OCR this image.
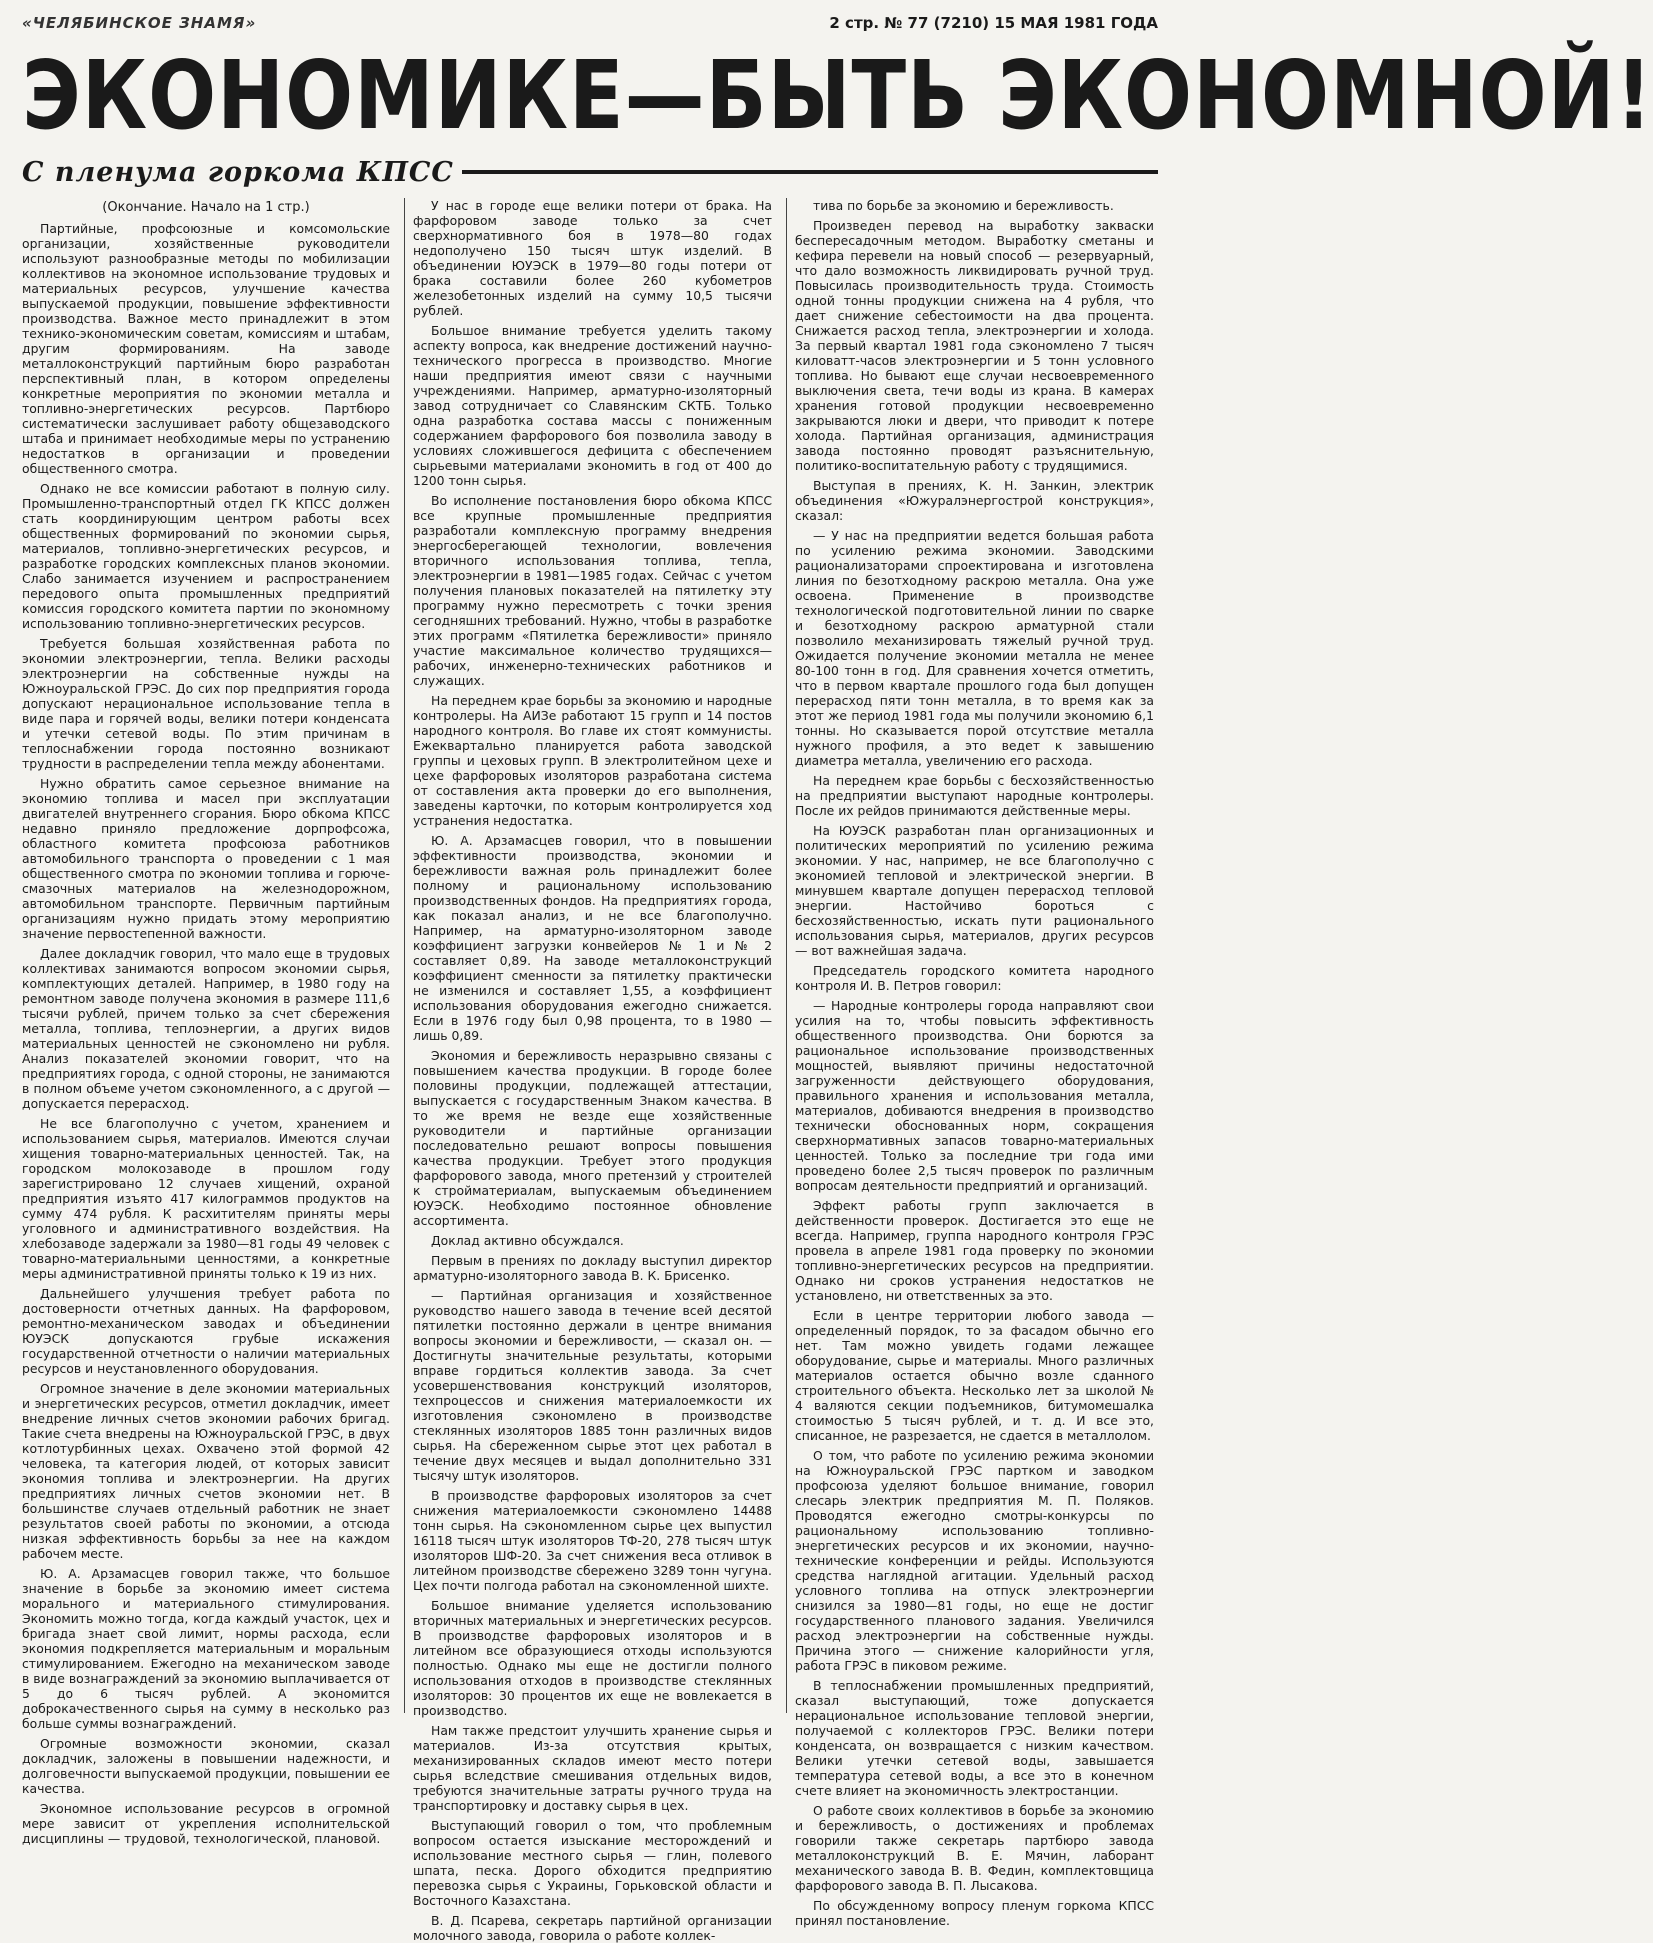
«ЧЕЛЯБИНСКОЕ ЗНАМЯ»	2 стр. № 77 (7210) 15 МАЯ 1981 ГОДА
ЭКОНОМИКЕ—БЫТЬ ЭКОНОМНОЙ!
С пленума горкома КПСС
(Окончание. Начало на 1 стр.)

Партийные, профсоюзные и комсомольские организации, хозяйственные руководители используют разнообразные методы по мобилизации коллективов на экономное использование трудовых и материальных ресурсов, улучшение качества выпускаемой продукции, повышение эффективности производства. Важное место принадлежит в этом технико-экономическим советам, комиссиям и штабам, другим формированиям. На заводе металлоконструкций партийным бюро разработан перспективный план, в котором определены конкретные мероприятия по экономии металла и топливно-энергетических ресурсов. Партбюро систематически заслушивает работу общезаводского штаба и принимает необходимые меры по устранению недостатков в организации и проведении общественного смотра.

Однако не все комиссии работают в полную силу. Промышленно-транспортный отдел ГК КПСС должен стать координирующим центром работы всех общественных формирований по экономии сырья, материалов, топливно-энергетических ресурсов, и разработке городских комплексных планов экономии. Слабо занимается изучением и распространением передового опыта промышленных предприятий комиссия городского комитета партии по экономному использованию топливно-энергетических ресурсов.

Требуется большая хозяйственная работа по экономии электроэнергии, тепла. Велики расходы электроэнергии на собственные нужды на Южноуральской ГРЭС. До сих пор предприятия города допускают нерациональное использование тепла в виде пара и горячей воды, велики потери конденсата и утечки сетевой воды. По этим причинам в теплоснабжении города постоянно возникают трудности в распределении тепла между абонентами.

Нужно обратить самое серьезное внимание на экономию топлива и масел при эксплуатации двигателей внутреннего сгорания. Бюро обкома КПСС недавно приняло предложение дорпрофсожа, областного комитета профсоюза работников автомобильного транспорта о проведении с 1 мая общественного смотра по экономии топлива и горюче-смазочных материалов на железнодорожном, автомобильном транспорте. Первичным партийным организациям нужно придать этому мероприятию значение первостепенной важности.

Далее докладчик говорил, что мало еще в трудовых коллективах занимаются вопросом экономии сырья, комплектующих деталей. Например, в 1980 году на ремонтном заводе получена экономия в размере 111,6 тысячи рублей, причем только за счет сбережения металла, топлива, теплоэнергии, а других видов материальных ценностей не сэкономлено ни рубля. Анализ показателей экономии говорит, что на предприятиях города, с одной стороны, не занимаются в полном объеме учетом сэкономленного, а с другой — допускается перерасход.

Не все благополучно с учетом, хранением и использованием сырья, материалов. Имеются случаи хищения товарно-материальных ценностей. Так, на городском молокозаводе в прошлом году зарегистрировано 12 случаев хищений, охраной предприятия изъято 417 килограммов продуктов на сумму 474 рубля. К расхитителям приняты меры уголовного и административного воздействия. На хлебозаводе задержали за 1980—81 годы 49 человек с товарно-материальными ценностями, а конкретные меры административной приняты только к 19 из них.

Дальнейшего улучшения требует работа по достоверности отчетных данных. На фарфоровом, ремонтно-механическом заводах и объединении ЮУЭСК допускаются грубые искажения государственной отчетности о наличии материальных ресурсов и неустановленного оборудования.

Огромное значение в деле экономии материальных и энергетических ресурсов, отметил докладчик, имеет внедрение личных счетов экономии рабочих бригад. Такие счета внедрены на Южноуральской ГРЭС, в двух котлотурбинных цехах. Охвачено этой формой 42 человека, та категория людей, от которых зависит экономия топлива и электроэнергии. На других предприятиях личных счетов экономии нет. В большинстве случаев отдельный работник не знает результатов своей работы по экономии, а отсюда низкая эффективность борьбы за нее на каждом рабочем месте.

Ю. А. Арзамасцев говорил также, что большое значение в борьбе за экономию имеет система морального и материального стимулирования. Экономить можно тогда, когда каждый участок, цех и бригада знает свой лимит, нормы расхода, если экономия подкрепляется материальным и моральным стимулированием. Ежегодно на механическом заводе в виде вознаграждений за экономию выплачивается от 5 до 6 тысяч рублей. А экономится доброкачественного сырья на сумму в несколько раз больше суммы вознаграждений.

Огромные возможности экономии, сказал докладчик, заложены в повышении надежности, и долговечности выпускаемой продукции, повышении ее качества.

Экономное использование ресурсов в огромной мере зависит от укрепления исполнительской дисциплины — трудовой, технологической, плановой.

У нас в городе еще велики потери от брака. На фарфоровом заводе только за счет сверхнормативного боя в 1978—80 годах недополучено 150 тысяч штук изделий. В объединении ЮУЭСК в 1979—80 годы потери от брака составили более 260 кубометров железобетонных изделий на сумму 10,5 тысячи рублей.

Большое внимание требуется уделить такому аспекту вопроса, как внедрение достижений научно-технического прогресса в производство. Многие наши предприятия имеют связи с научными учреждениями. Например, арматурно-изоляторный завод сотрудничает со Славянским СКТБ. Только одна разработка состава массы с пониженным содержанием фарфорового боя позволила заводу в условиях сложившегося дефицита с обеспечением сырьевыми материалами экономить в год от 400 до 1200 тонн сырья.

Во исполнение постановления бюро обкома КПСС все крупные промышленные предприятия разработали комплексную программу внедрения энергосберегающей технологии, вовлечения вторичного использования топлива, тепла, электроэнергии в 1981—1985 годах. Сейчас с учетом получения плановых показателей на пятилетку эту программу нужно пересмотреть с точки зрения сегодняшних требований. Нужно, чтобы в разработке этих программ «Пятилетка бережливости» приняло участие максимальное количество трудящихся—рабочих, инженерно-технических работников и служащих.

На переднем крае борьбы за экономию и народные контролеры. На АИЗе работают 15 групп и 14 постов народного контроля. Во главе их стоят коммунисты. Ежеквартально планируется работа заводской группы и цеховых групп. В электролитейном цехе и цехе фарфоровых изоляторов разработана система от составления акта проверки до его выполнения, заведены карточки, по которым контролируется ход устранения недостатка.

Ю. А. Арзамасцев говорил, что в повышении эффективности производства, экономии и бережливости важная роль принадлежит более полному и рациональному использованию производственных фондов. На предприятиях города, как показал анализ, и не все благополучно. Например, на арматурно-изоляторном заводе коэффициент загрузки конвейеров № 1 и № 2 составляет 0,89. На заводе металлоконструкций коэффициент сменности за пятилетку практически не изменился и составляет 1,55, а коэффициент использования оборудования ежегодно снижается. Если в 1976 году был 0,98 процента, то в 1980 — лишь 0,89.

Экономия и бережливость неразрывно связаны с повышением качества продукции. В городе более половины продукции, подлежащей аттестации, выпускается с государственным Знаком качества. В то же время не везде еще хозяйственные руководители и партийные организации последовательно решают вопросы повышения качества продукции. Требует этого продукция фарфорового завода, много претензий у строителей к стройматериалам, выпускаемым объединением ЮУЭСК. Необходимо постоянное обновление ассортимента.

Доклад активно обсуждался.

Первым в прениях по докладу выступил директор арматурно-изоляторного завода В. К. Брисенко.

— Партийная организация и хозяйственное руководство нашего завода в течение всей десятой пятилетки постоянно держали в центре внимания вопросы экономии и бережливости, — сказал он. — Достигнуты значительные результаты, которыми вправе гордиться коллектив завода. За счет усовершенствования конструкций изоляторов, техпроцессов и снижения материалоемкости их изготовления сэкономлено в производстве стеклянных изоляторов 1885 тонн различных видов сырья. На сбереженном сырье этот цех работал в течение двух месяцев и выдал дополнительно 331 тысячу штук изоляторов.

В производстве фарфоровых изоляторов за счет снижения материалоемкости сэкономлено 14488 тонн сырья. На сэкономленном сырье цех выпустил 16118 тысяч штук изоляторов ТФ-20, 278 тысяч штук изоляторов ШФ-20. За счет снижения веса отливок в литейном производстве сбережено 3289 тонн чугуна. Цех почти полгода работал на сэкономленной шихте.

Большое внимание уделяется использованию вторичных материальных и энергетических ресурсов. В производстве фарфоровых изоляторов и в литейном все образующиеся отходы используются полностью. Однако мы еще не достигли полного использования отходов в производстве стеклянных изоляторов: 30 процентов их еще не вовлекается в производство.

Нам также предстоит улучшить хранение сырья и материалов. Из-за отсутствия крытых, механизированных складов имеют место потери сырья вследствие смешивания отдельных видов, требуются значительные затраты ручного труда на транспортировку и доставку сырья в цех.

Выступающий говорил о том, что проблемным вопросом остается изыскание месторождений и использование местного сырья — глин, полевого шпата, песка. Дорого обходится предприятию перевозка сырья с Украины, Горьковской области и Восточного Казахстана.

В. Д. Псарева, секретарь партийной организации молочного завода, говорила о работе коллек-

тива по борьбе за экономию и бережливость.

Произведен перевод на выработку закваски беспересадочным методом. Выработку сметаны и кефира перевели на новый способ — резервуарный, что дало возможность ликвидировать ручной труд. Повысилась производительность труда. Стоимость одной тонны продукции снижена на 4 рубля, что дает снижение себестоимости на два процента. Снижается расход тепла, электроэнергии и холода. За первый квартал 1981 года сэкономлено 7 тысяч киловатт-часов электроэнергии и 5 тонн условного топлива. Но бывают еще случаи несвоевременного выключения света, течи воды из крана. В камерах хранения готовой продукции несвоевременно закрываются люки и двери, что приводит к потере холода. Партийная организация, администрация завода постоянно проводят разъяснительную, политико-воспитательную работу с трудящимися.

Выступая в прениях, К. Н. Занкин, электрик объединения «Южуралэнергострой конструкция», сказал:

— У нас на предприятии ведется большая работа по усилению режима экономии. Заводскими рационализаторами спроектирована и изготовлена линия по безотходному раскрою металла. Она уже освоена. Применение в производстве технологической подготовительной линии по сварке и безотходному раскрою арматурной стали позволило механизировать тяжелый ручной труд. Ожидается получение экономии металла не менее 80-100 тонн в год. Для сравнения хочется отметить, что в первом квартале прошлого года был допущен перерасход пяти тонн металла, в то время как за этот же период 1981 года мы получили экономию 6,1 тонны. Но сказывается порой отсутствие металла нужного профиля, а это ведет к завышению диаметра металла, увеличению его расхода.

На переднем крае борьбы с бесхозяйственностью на предприятии выступают народные контролеры. После их рейдов принимаются действенные меры.

На ЮУЭСК разработан план организационных и политических мероприятий по усилению режима экономии. У нас, например, не все благополучно с экономией тепловой и электрической энергии. В минувшем квартале допущен перерасход тепловой энергии. Настойчиво бороться с бесхозяйственностью, искать пути рационального использования сырья, материалов, других ресурсов — вот важнейшая задача.

Председатель городского комитета народного контроля И. В. Петров говорил:

— Народные контролеры города направляют свои усилия на то, чтобы повысить эффективность общественного производства. Они борются за рациональное использование производственных мощностей, выявляют причины недостаточной загруженности действующего оборудования, правильного хранения и использования металла, материалов, добиваются внедрения в производство технически обоснованных норм, сокращения сверхнормативных запасов товарно-материальных ценностей. Только за последние три года ими проведено более 2,5 тысяч проверок по различным вопросам деятельности предприятий и организаций.

Эффект работы групп заключается в действенности проверок. Достигается это еще не всегда. Например, группа народного контроля ГРЭС провела в апреле 1981 года проверку по экономии топливно-энергетических ресурсов на предприятии. Однако ни сроков устранения недостатков не установлено, ни ответственных за это.

Если в центре территории любого завода — определенный порядок, то за фасадом обычно его нет. Там можно увидеть годами лежащее оборудование, сырье и материалы. Много различных материалов остается обычно возле сданного строительного объекта. Несколько лет за школой № 4 валяются секции подъемников, битумомешалка стоимостью 5 тысяч рублей, и т. д. И все это, списанное, не разрезается, не сдается в металлолом.

О том, что работе по усилению режима экономии на Южноуральской ГРЭС партком и заводком профсоюза уделяют большое внимание, говорил слесарь электрик предприятия М. П. Поляков. Проводятся ежегодно смотры-конкурсы по рациональному использованию топливно-энергетических ресурсов и их экономии, научно-технические конференции и рейды. Используются средства наглядной агитации. Удельный расход условного топлива на отпуск электроэнергии снизился за 1980—81 годы, но еще не достиг государственного планового задания. Увеличился расход электроэнергии на собственные нужды. Причина этого — снижение калорийности угля, работа ГРЭС в пиковом режиме.

В теплоснабжении промышленных предприятий, сказал выступающий, тоже допускается нерациональное использование тепловой энергии, получаемой с коллекторов ГРЭС. Велики потери конденсата, он возвращается с низким качеством. Велики утечки сетевой воды, завышается температура сетевой воды, а все это в конечном счете влияет на экономичность электростанции.

О работе своих коллективов в борьбе за экономию и бережливость, о достижениях и проблемах говорили также секретарь партбюро завода металлоконструкций В. Е. Мячин, лаборант механического завода В. В. Федин, комплектовщица фарфорового завода В. П. Лысакова.

По обсужденному вопросу пленум горкома КПСС принял постановление.
